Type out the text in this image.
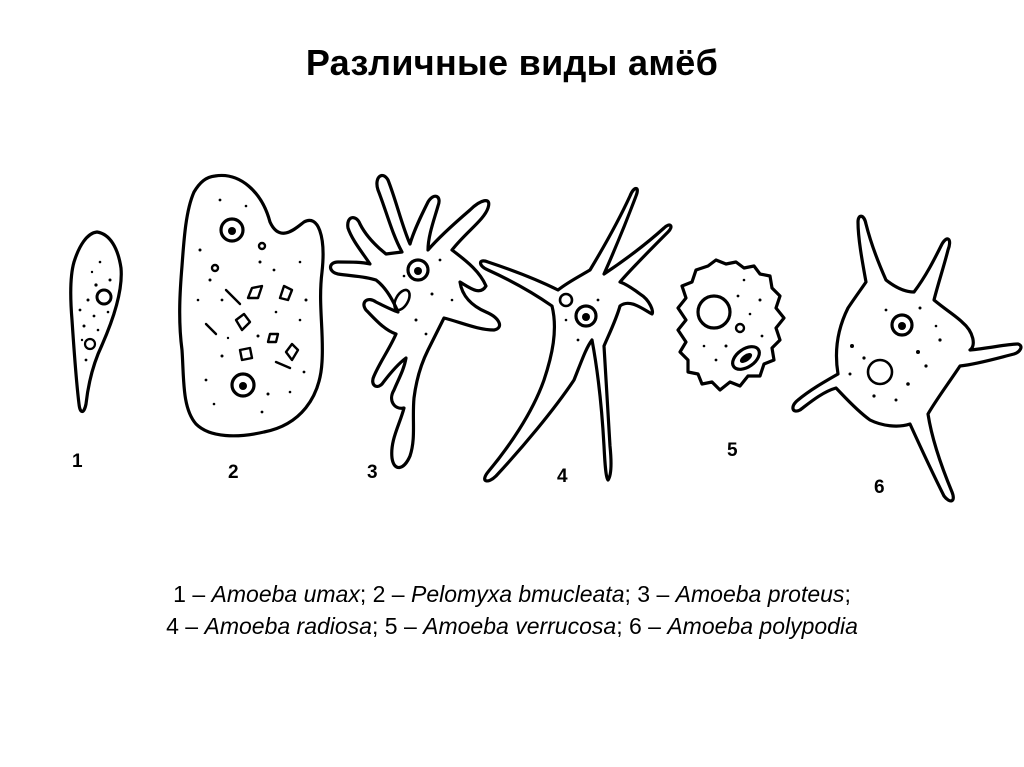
Различные виды амёб
1
2	3	4
5
6
1 – Amoeba umax; 2 – Pelomyxa bmucleata; 3 – Amoeba proteus;
4 – Amoeba radiosa; 5 – Amoeba verrucosa; 6 – Amoeba polypodia
